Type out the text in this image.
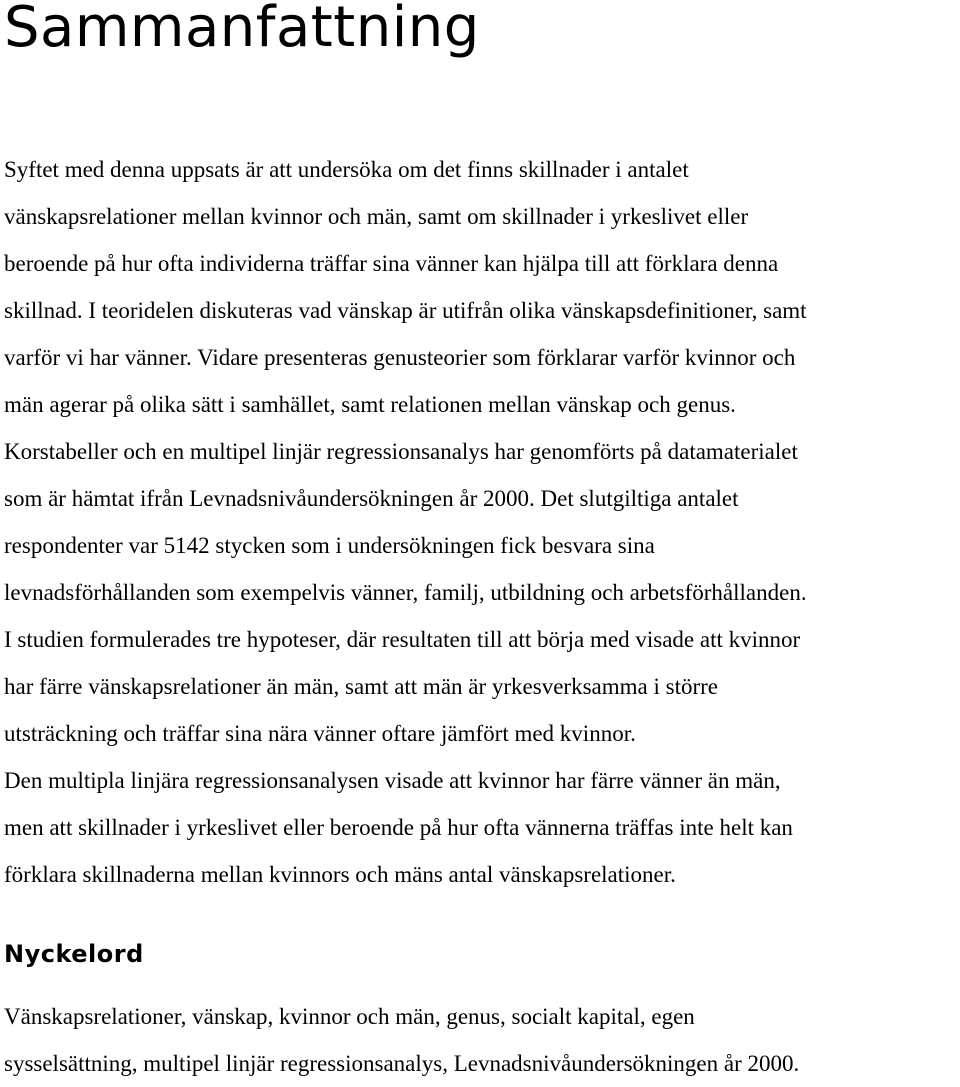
Sammanfattning
Syftet med denna uppsats är att undersöka om det finns skillnader i antalet
vänskapsrelationer mellan kvinnor och män, samt om skillnader i yrkeslivet eller
beroende på hur ofta individerna träffar sina vänner kan hjälpa till att förklara denna
skillnad. I teoridelen diskuteras vad vänskap är utifrån olika vänskapsdefinitioner, samt
varför vi har vänner. Vidare presenteras genusteorier som förklarar varför kvinnor och
män agerar på olika sätt i samhället, samt relationen mellan vänskap och genus.
Korstabeller och en multipel linjär regressionsanalys har genomförts på datamaterialet
som är hämtat ifrån Levnadsnivåundersökningen år 2000. Det slutgiltiga antalet
respondenter var 5142 stycken som i undersökningen fick besvara sina
levnadsförhållanden som exempelvis vänner, familj, utbildning och arbetsförhållanden.
I studien formulerades tre hypoteser, där resultaten till att börja med visade att kvinnor
har färre vänskapsrelationer än män, samt att män är yrkesverksamma i större
utsträckning och träffar sina nära vänner oftare jämfört med kvinnor.
Den multipla linjära regressionsanalysen visade att kvinnor har färre vänner än män,
men att skillnader i yrkeslivet eller beroende på hur ofta vännerna träffas inte helt kan
förklara skillnaderna mellan kvinnors och mäns antal vänskapsrelationer.
Nyckelord
Vänskapsrelationer, vänskap, kvinnor och män, genus, socialt kapital, egen
sysselsättning, multipel linjär regressionsanalys, Levnadsnivåundersökningen år 2000.
